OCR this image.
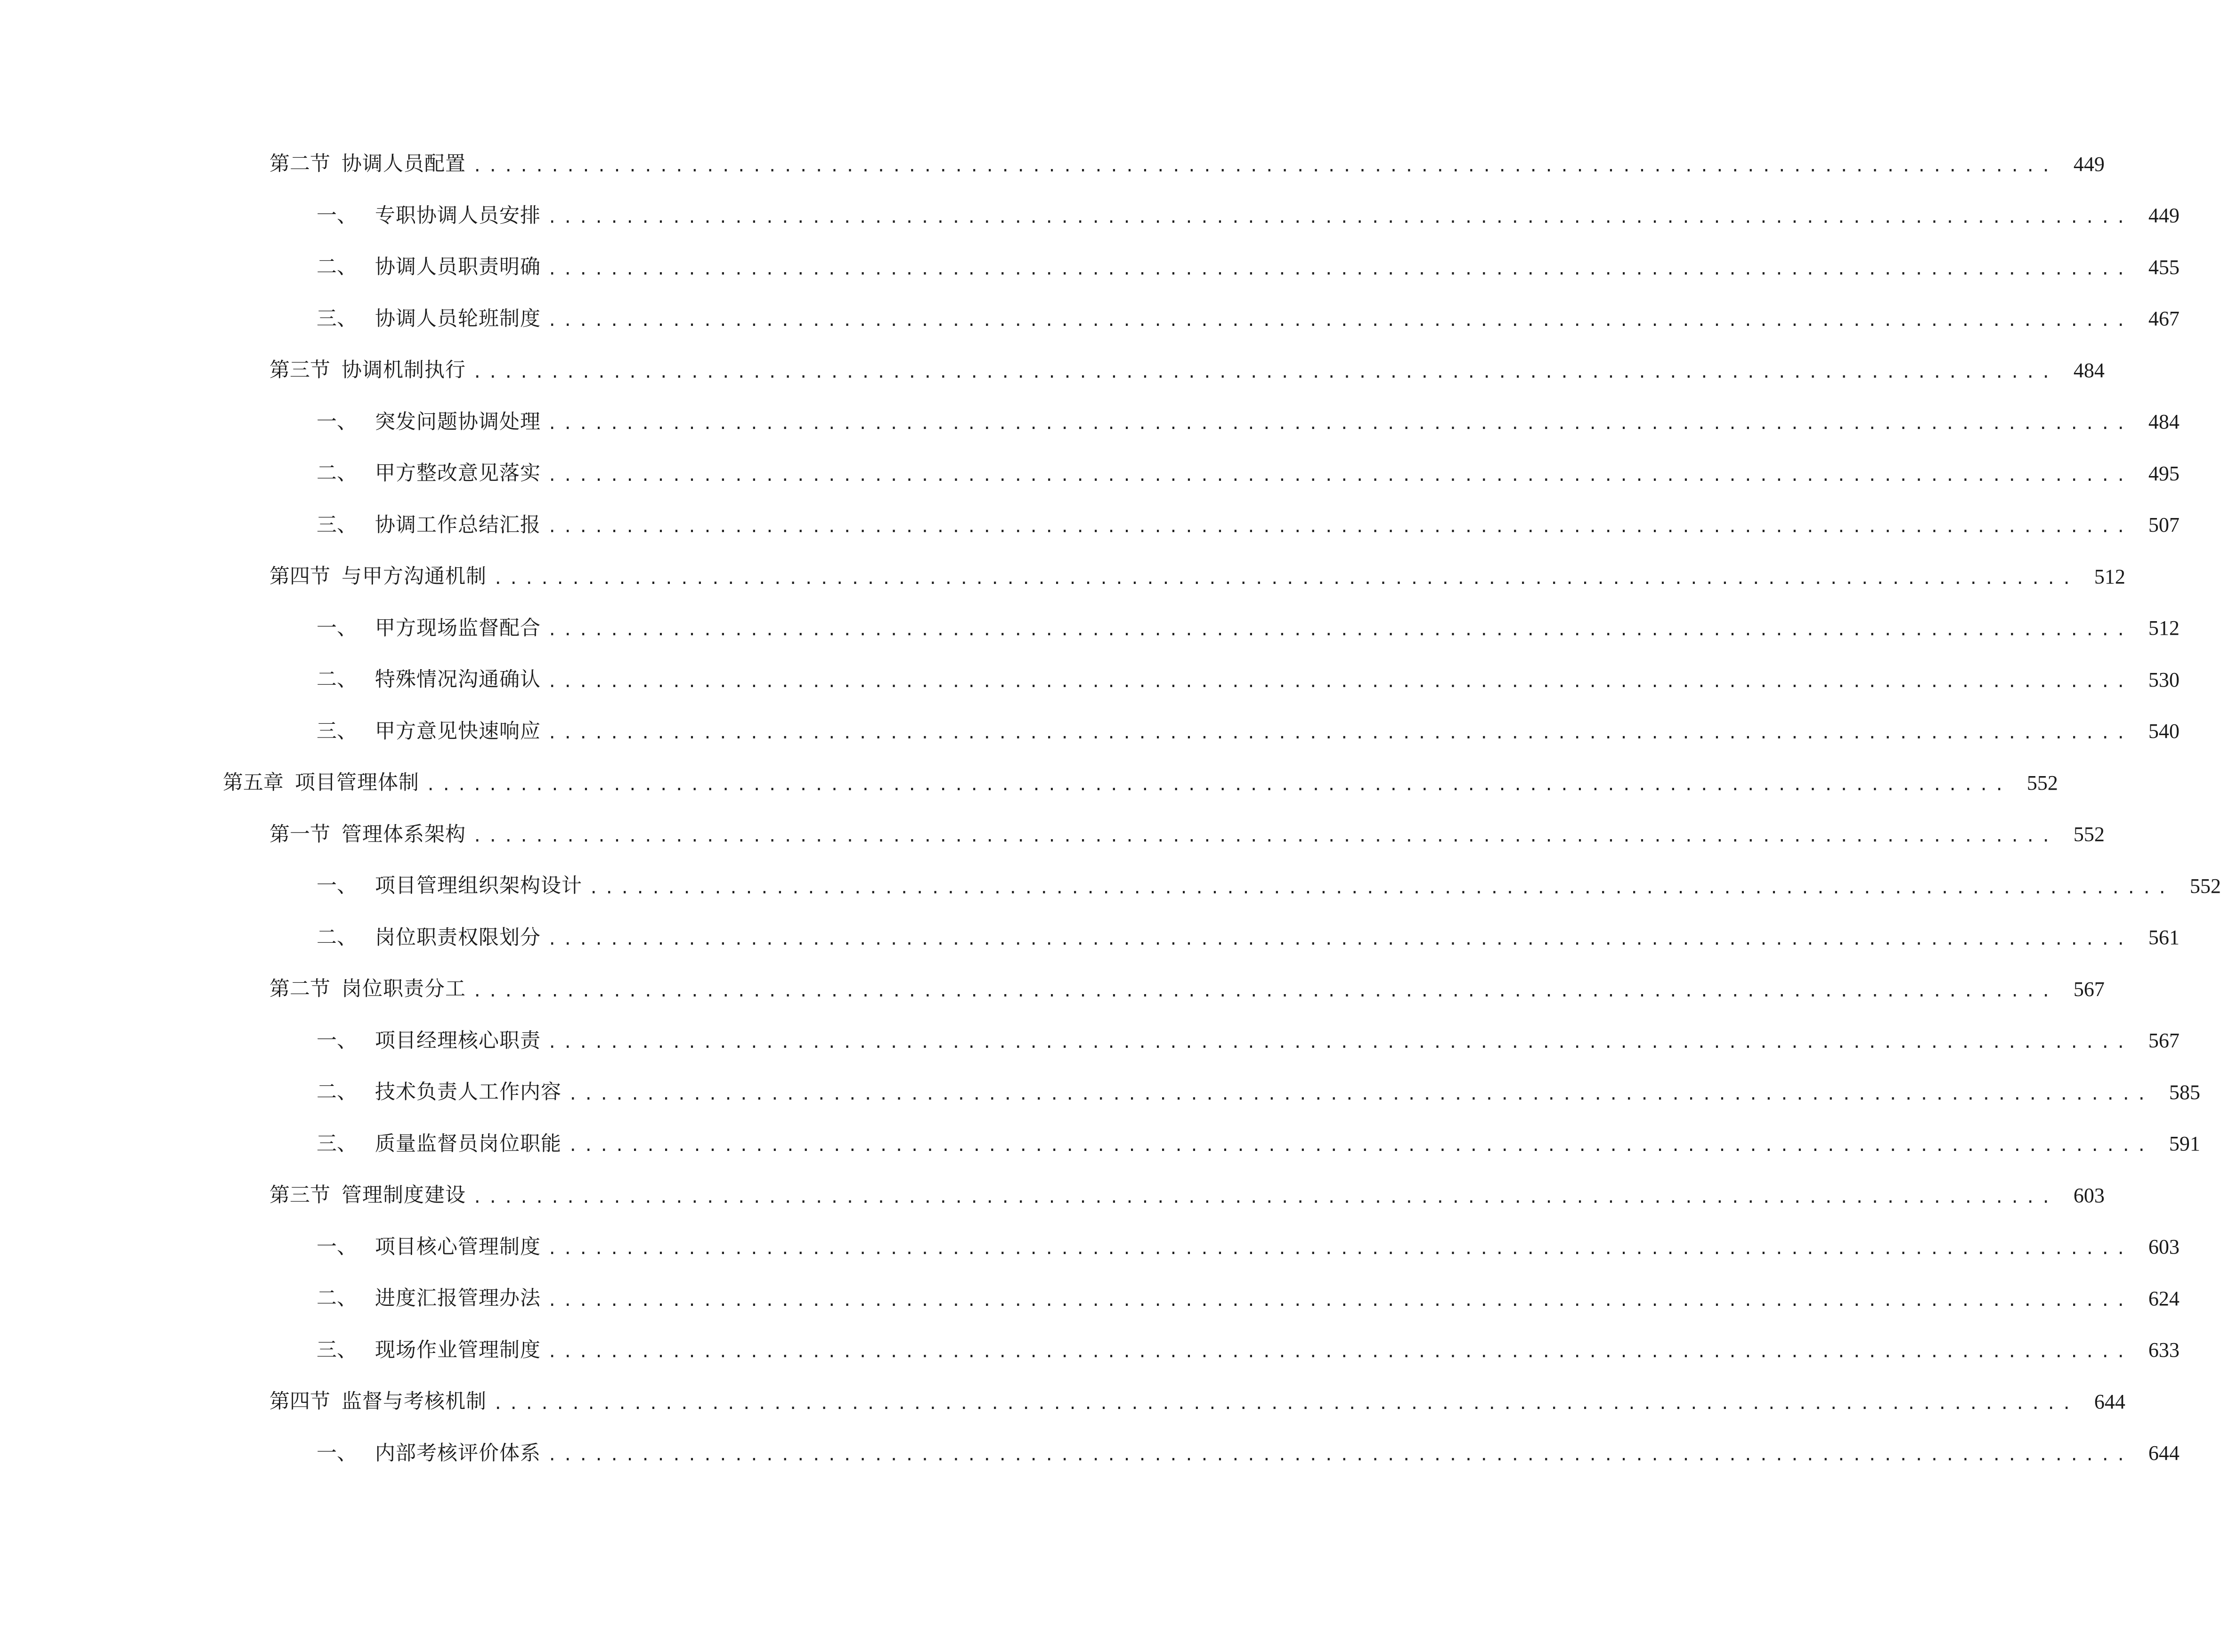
第二节 协调人员配置 ...................................................................................................... 449
一、 专职协调人员安排 ...................................................................................................... 449
二、 协调人员职责明确 ...................................................................................................... 455
三、 协调人员轮班制度 ...................................................................................................... 467
第三节 协调机制执行 ...................................................................................................... 484
一、 突发问题协调处理 ...................................................................................................... 484
二、 甲方整改意见落实 ...................................................................................................... 495
三、 协调工作总结汇报 ...................................................................................................... 507
第四节 与甲方沟通机制 ...................................................................................................... 512
一、 甲方现场监督配合 ...................................................................................................... 512
二、 特殊情况沟通确认 ...................................................................................................... 530
三、 甲方意见快速响应 ...................................................................................................... 540
第五章 项目管理体制 ...................................................................................................... 552
第一节 管理体系架构 ...................................................................................................... 552
一、 项目管理组织架构设计 ...................................................................................................... 552
二、 岗位职责权限划分 ...................................................................................................... 561
第二节 岗位职责分工 ...................................................................................................... 567
一、 项目经理核心职责 ...................................................................................................... 567
二、 技术负责人工作内容 ...................................................................................................... 585
三、 质量监督员岗位职能 ...................................................................................................... 591
第三节 管理制度建设 ...................................................................................................... 603
一、 项目核心管理制度 ...................................................................................................... 603
二、 进度汇报管理办法 ...................................................................................................... 624
三、 现场作业管理制度 ...................................................................................................... 633
第四节 监督与考核机制 ...................................................................................................... 644
一、 内部考核评价体系 ...................................................................................................... 644
